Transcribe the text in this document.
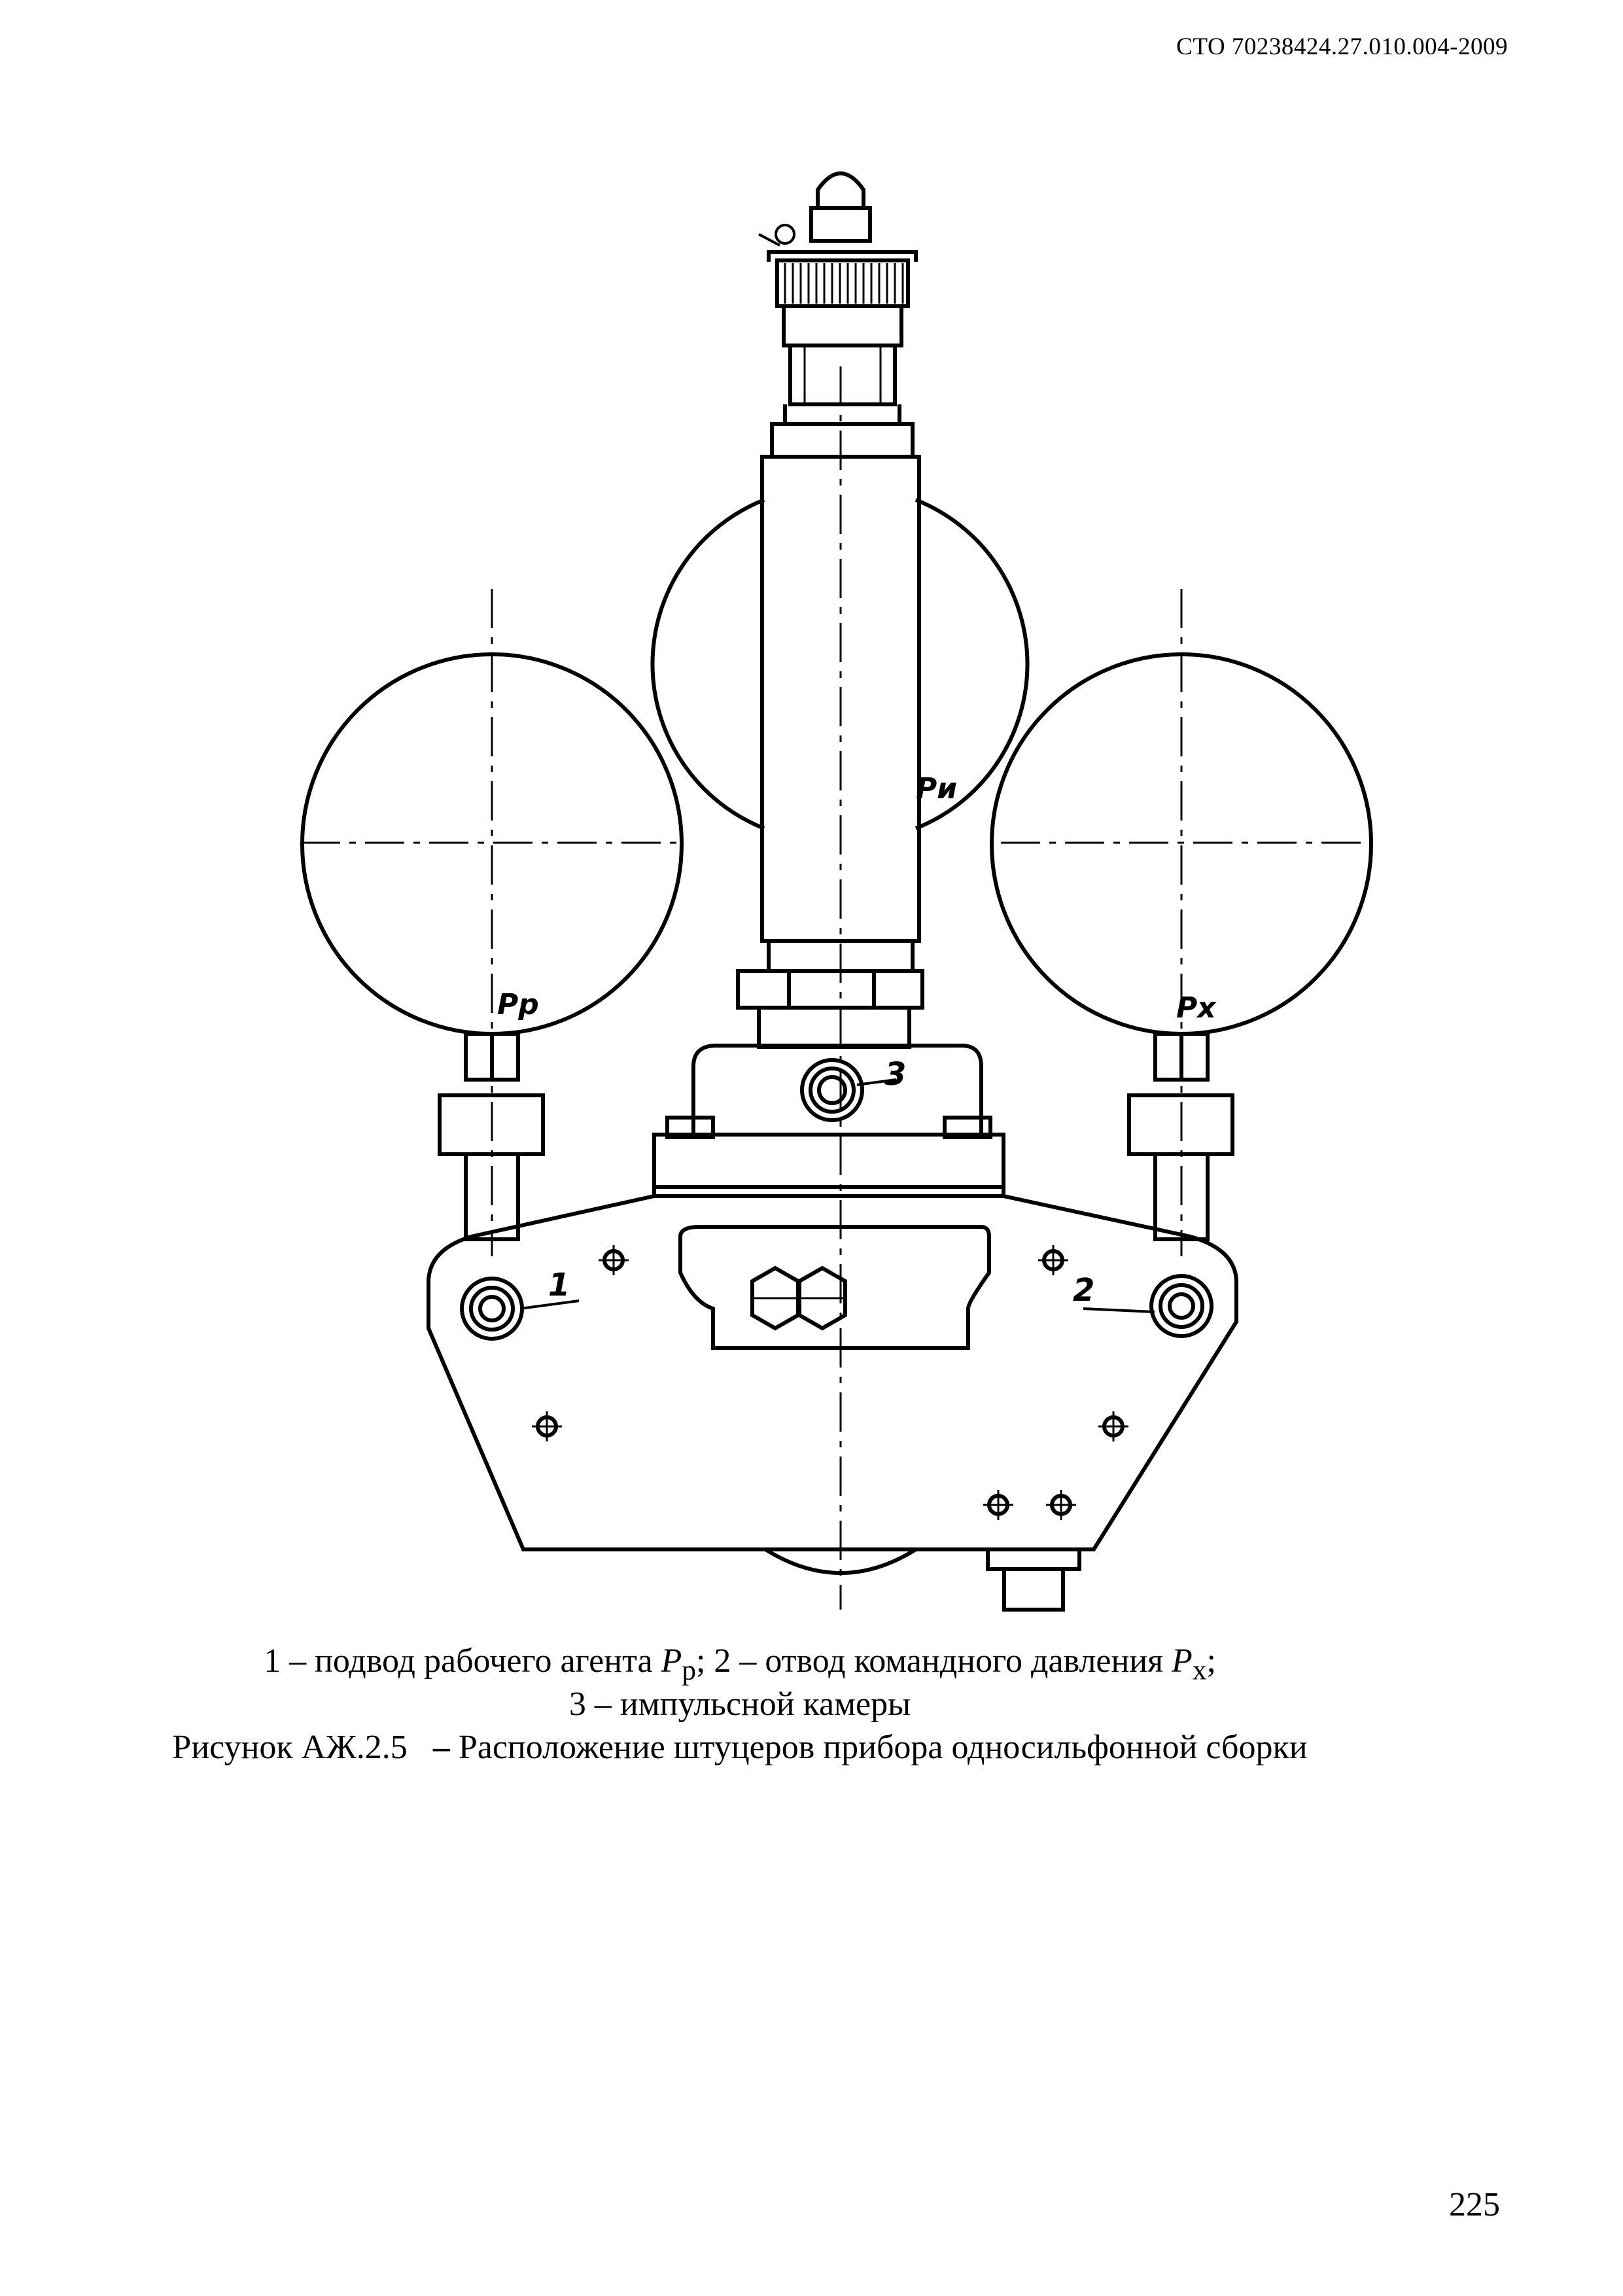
СТО 70238424.27.010.004-2009
Pр
Pи
Px
1	2
3
1 – подвод рабочего агента $P_р$; 2 – отвод командного давления $P_х$;
3 – импульсной камеры
Рисунок АЖ.2.5 – Расположение штуцеров прибора односильфонной сборки
225
